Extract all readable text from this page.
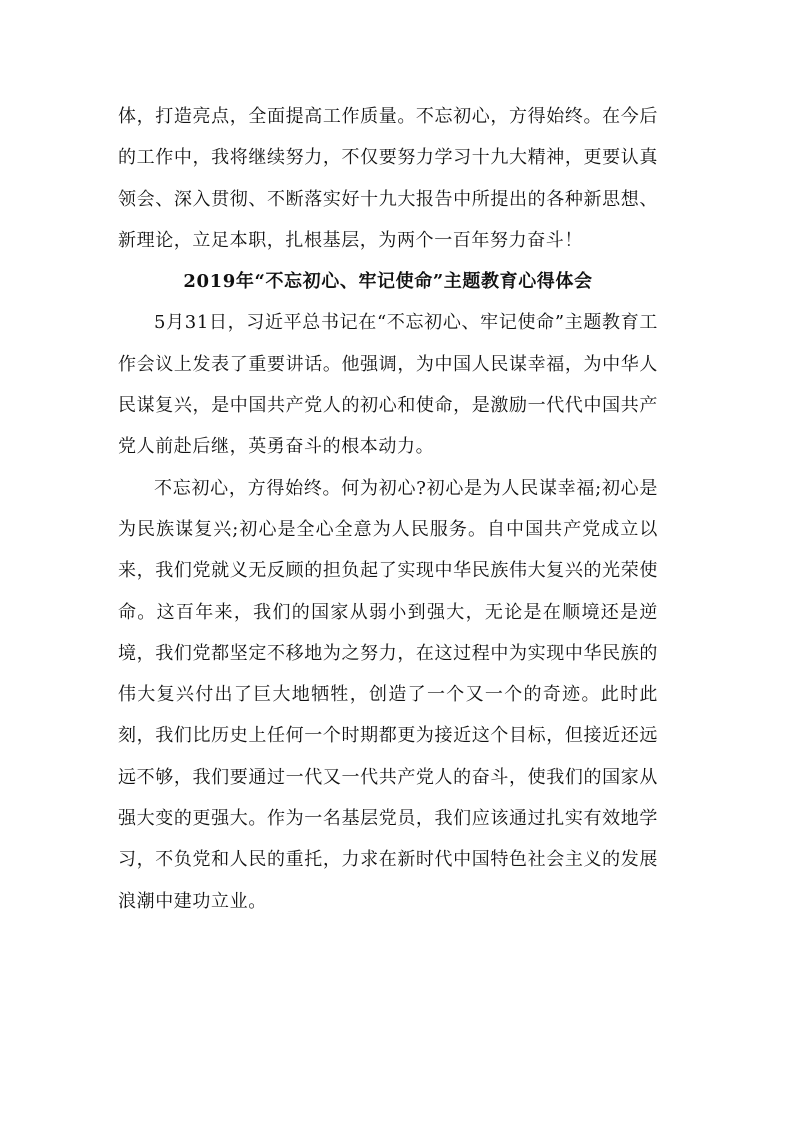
体，打造亮点，全面提高工作质量。不忘初心，方得始终。在今后的工作中，我将继续努力，不仅要努力学习十九大精神，更要认真领会、深入贯彻、不断落实好十九大报告中所提出的各种新思想、新理论，立足本职，扎根基层，为两个一百年努力奋斗！

2019年“不忘初心、牢记使命”主题教育心得体会

5月31日，习近平总书记在“不忘初心、牢记使命”主题教育工作会议上发表了重要讲话。他强调，为中国人民谋幸福，为中华人民谋复兴，是中国共产党人的初心和使命，是激励一代代中国共产党人前赴后继，英勇奋斗的根本动力。

不忘初心，方得始终。何为初心?初心是为人民谋幸福;初心是为民族谋复兴;初心是全心全意为人民服务。自中国共产党成立以来，我们党就义无反顾的担负起了实现中华民族伟大复兴的光荣使命。这百年来，我们的国家从弱小到强大，无论是在顺境还是逆境，我们党都坚定不移地为之努力，在这过程中为实现中华民族的伟大复兴付出了巨大地牺牲，创造了一个又一个的奇迹。此时此刻，我们比历史上任何一个时期都更为接近这个目标，但接近还远远不够，我们要通过一代又一代共产党人的奋斗，使我们的国家从强大变的更强大。作为一名基层党员，我们应该通过扎实有效地学习，不负党和人民的重托，力求在新时代中国特色社会主义的发展浪潮中建功立业。
